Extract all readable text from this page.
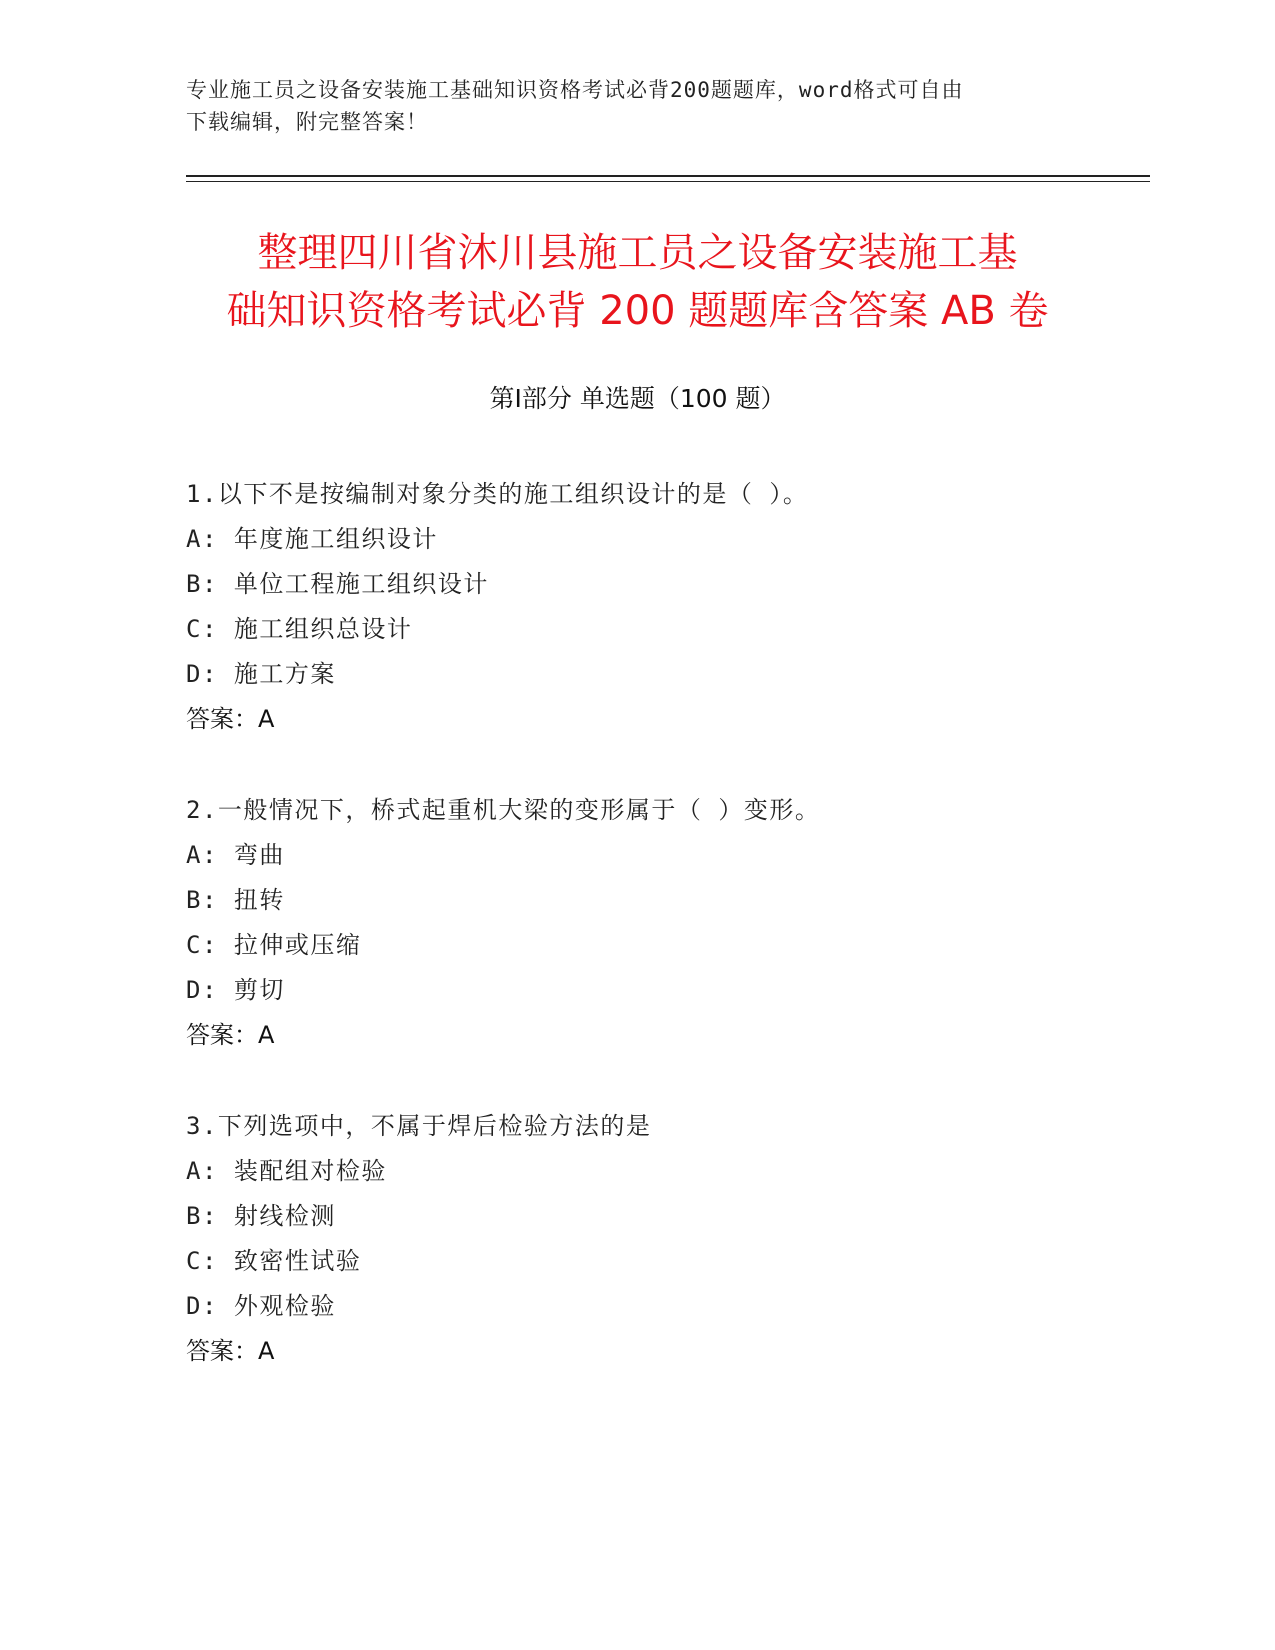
专业施工员之设备安装施工基础知识资格考试必背200题题库，word格式可自由
下载编辑，附完整答案！
整理四川省沐川县施工员之设备安装施工基
础知识资格考试必背 200 题题库含答案 AB 卷
第Ⅰ部分 单选题（100 题）
1.以下不是按编制对象分类的施工组织设计的是（ ）。
A: 年度施工组织设计
B: 单位工程施工组织设计
C: 施工组织总设计
D: 施工方案
答案：A
2.一般情况下，桥式起重机大梁的变形属于（ ）变形。
A: 弯曲
B: 扭转
C: 拉伸或压缩
D: 剪切
答案：A
3.下列选项中，不属于焊后检验方法的是
A: 装配组对检验
B: 射线检测
C: 致密性试验
D: 外观检验
答案：A
